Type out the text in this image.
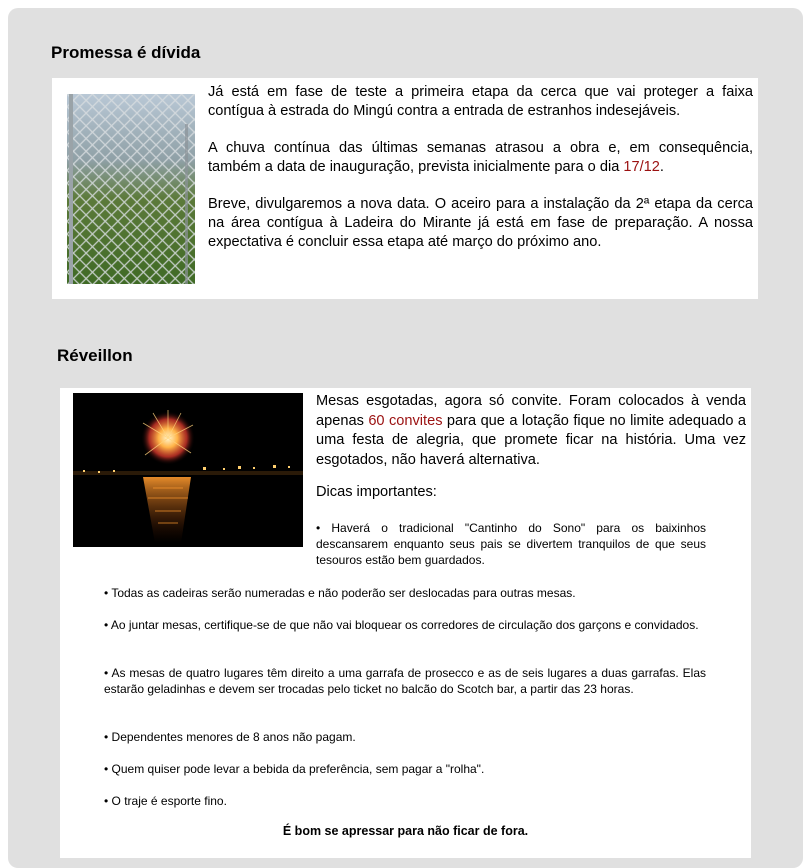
Promessa é dívida

Já está em fase de teste a primeira etapa da cerca que vai proteger a faixa contígua à estrada do Mingú contra a entrada de estranhos indesejáveis.

A chuva contínua das últimas semanas atrasou a obra e, em consequência, também a data de inauguração, prevista inicialmente para o dia 17/12.

Breve, divulgaremos a nova data. O aceiro para a instalação da 2ª etapa da cerca na área contígua à Ladeira do Mirante já está em fase de preparação. A nossa expectativa é concluir essa etapa até março do próximo ano.

Réveillon

Mesas esgotadas, agora só convite. Foram colocados à venda apenas 60 convites para que a lotação fique no limite adequado a uma festa de alegria, que promete ficar na história. Uma vez esgotados, não haverá alternativa.

Dicas importantes:

• Haverá o tradicional "Cantinho do Sono" para os baixinhos descansarem enquanto seus pais se divertem tranquilos de que seus tesouros estão bem guardados.
• Todas as cadeiras serão numeradas e não poderão ser deslocadas para outras mesas.
• Ao juntar mesas, certifique-se de que não vai bloquear os corredores de circulação dos garçons e convidados.
• As mesas de quatro lugares têm direito a uma garrafa de prosecco e as de seis lugares a duas garrafas. Elas estarão geladinhas e devem ser trocadas pelo ticket no balcão do Scotch bar, a partir das 23 horas.
• Dependentes menores de 8 anos não pagam.
• Quem quiser pode levar a bebida da preferência, sem pagar a "rolha".
• O traje é esporte fino.
É bom se apressar para não ficar de fora.
